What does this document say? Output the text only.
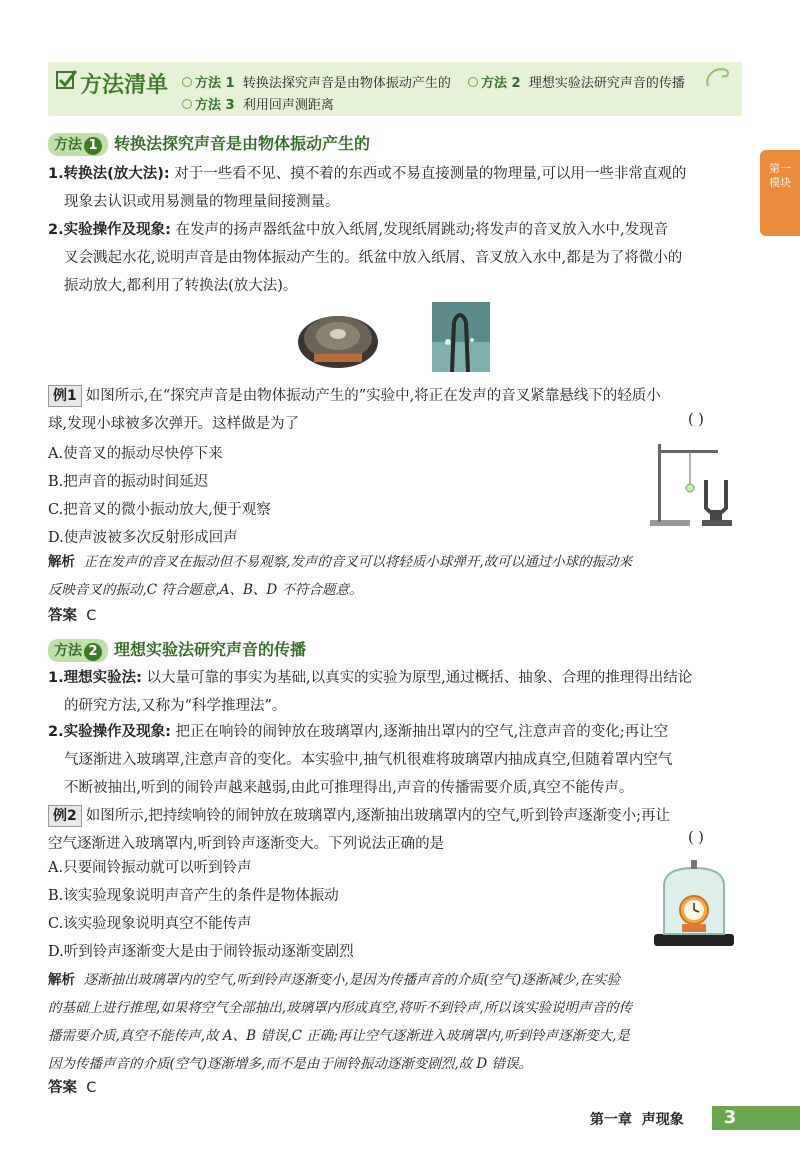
方法清单	方法 1 转换法探究声音是由物体振动产生的	方法 2 理想实验法研究声音的传播
方法 3 利用回声测距离
第一
模块
方法 1 转换法探究声音是由物体振动产生的
1.转换法(放大法): 对于一些看不见、摸不着的东西或不易直接测量的物理量,可以用一些非常直观的
现象去认识或用易测量的物理量间接测量。
2.实验操作及现象: 在发声的扬声器纸盆中放入纸屑,发现纸屑跳动;将发声的音叉放入水中,发现音
叉会溅起水花,说明声音是由物体振动产生的。纸盆中放入纸屑、音叉放入水中,都是为了将微小的
振动放大,都利用了转换法(放大法)。
例1 如图所示,在“探究声音是由物体振动产生的”实验中,将正在发声的音叉紧靠悬线下的轻质小
球,发现小球被多次弹开。这样做是为了	( )
A.使音叉的振动尽快停下来
B.把声音的振动时间延迟
C.把音叉的微小振动放大,便于观察
D.使声波被多次反射形成回声
解析 正在发声的音叉在振动但不易观察,发声的音叉可以将轻质小球弹开,故可以通过小球的振动来
反映音叉的振动,C 符合题意,A、B、D 不符合题意。
答案 C
方法 2 理想实验法研究声音的传播
1.理想实验法: 以大量可靠的事实为基础,以真实的实验为原型,通过概括、抽象、合理的推理得出结论
的研究方法,又称为“科学推理法”。
2.实验操作及现象: 把正在响铃的闹钟放在玻璃罩内,逐渐抽出罩内的空气,注意声音的变化;再让空
气逐渐进入玻璃罩,注意声音的变化。本实验中,抽气机很难将玻璃罩内抽成真空,但随着罩内空气
不断被抽出,听到的闹铃声越来越弱,由此可推理得出,声音的传播需要介质,真空不能传声。
例2 如图所示,把持续响铃的闹钟放在玻璃罩内,逐渐抽出玻璃罩内的空气,听到铃声逐渐变小;再让
空气逐渐进入玻璃罩内,听到铃声逐渐变大。下列说法正确的是	( )
A.只要闹铃振动就可以听到铃声
B.该实验现象说明声音产生的条件是物体振动
C.该实验现象说明真空不能传声
D.听到铃声逐渐变大是由于闹铃振动逐渐变剧烈
解析 逐渐抽出玻璃罩内的空气,听到铃声逐渐变小,是因为传播声音的介质(空气)逐渐减少,在实验
的基础上进行推理,如果将空气全部抽出,玻璃罩内形成真空,将听不到铃声,所以该实验说明声音的传
播需要介质,真空不能传声,故 A、B 错误,C 正确;再让空气逐渐进入玻璃罩内,听到铃声逐渐变大,是
因为传播声音的介质(空气)逐渐增多,而不是由于闹铃振动逐渐变剧烈,故 D 错误。
答案 C
第一章 声现象	3
